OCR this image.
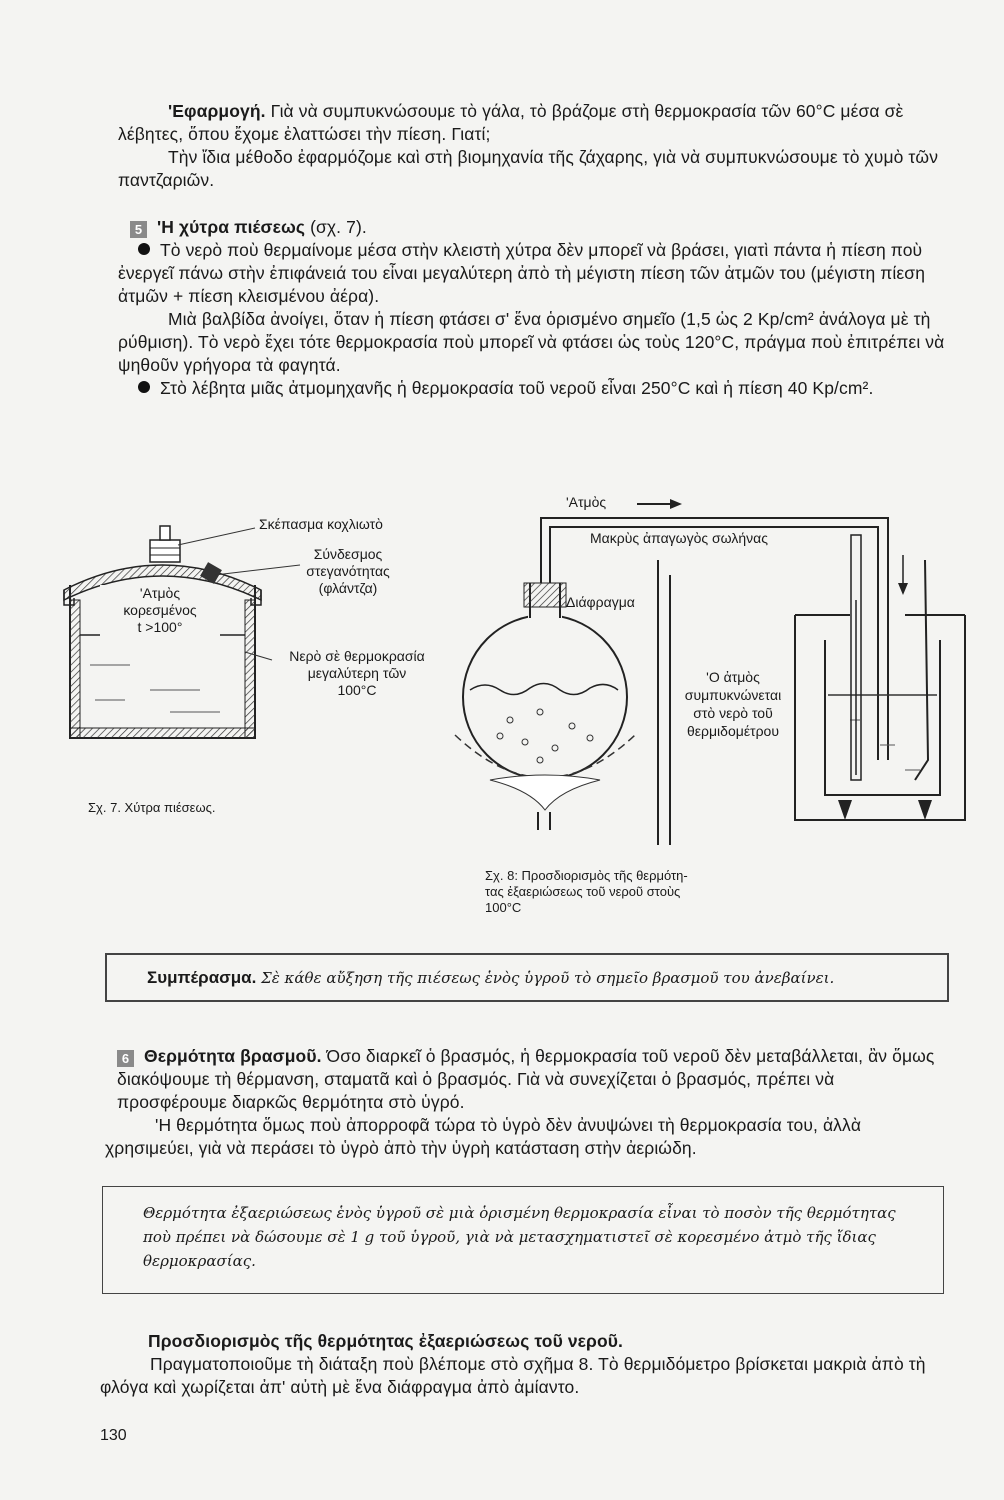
'Εφαρμογή. Γιὰ νὰ συμπυκνώσουμε τὸ γάλα, τὸ βράζομε στὴ θερμοκρασία τῶν 60°C μέσα σὲ λέβητες, ὅπου ἔχομε ἐλαττώσει τὴν πίεση. Γιατί;

Τὴν ἴδια μέθοδο ἐφαρμόζομε καὶ στὴ βιομηχανία τῆς ζάχαρης, γιὰ νὰ συμπυκνώσουμε τὸ χυμὸ τῶν παντζαριῶν.

5 'Η χύτρα πιέσεως (σχ. 7).

Τὸ νερὸ ποὺ θερμαίνομε μέσα στὴν κλειστὴ χύτρα δὲν μπορεῖ νὰ βράσει, γιατὶ πάντα ἡ πίεση ποὺ ἐνεργεῖ πάνω στὴν ἐπιφάνειά του εἶναι μεγαλύτερη ἀπὸ τὴ μέγιστη πίεση τῶν ἀτμῶν του (μέγιστη πίεση ἀτμῶν + πίεση κλεισμένου ἀέρα).

Μιὰ βαλβίδα ἀνοίγει, ὅταν ἡ πίεση φτάσει σ' ἕνα ὁρισμένο σημεῖο (1,5 ὡς 2 Kp/cm² ἀνάλογα μὲ τὴ ρύθμιση). Τὸ νερὸ ἔχει τότε θερμοκρασία ποὺ μπορεῖ νὰ φτάσει ὡς τοὺς 120°C, πράγμα ποὺ ἐπιτρέπει νὰ ψηθοῦν γρήγορα τὰ φαγητά.

Στὸ λέβητα μιᾶς ἀτμομηχανῆς ἡ θερμοκρασία τοῦ νεροῦ εἶναι 250°C καὶ ἡ πίεση 40 Kp/cm².

'Ατμὸς
κορεσμένος
t >100°
Σκέπασμα κοχλιωτὸ
Σύνδεσμος
στεγανότητας
(φλάντζα)
Νερὸ σὲ θερμοκρασία
μεγαλύτερη τῶν
100°C
Σχ. 7. Χύτρα πιέσεως.
'Ατμὸς
Μακρὺς ἀπαγωγὸς σωλήνας
Διάφραγμα
'Ο ἀτμὸς
συμπυκνώνεται
στὸ νερὸ τοῦ
θερμιδομέτρου
Σχ. 8: Προσδιορισμὸς τῆς θερμότη-
τας ἐξαεριώσεως τοῦ νεροῦ στοὺς
100°C
Συμπέρασμα. Σὲ κάθε αὔξηση τῆς πιέσεως ἑνὸς ὑγροῦ τὸ σημεῖο βρασμοῦ του ἀνεβαίνει.

6 Θερμότητα βρασμοῦ. Όσο διαρκεῖ ὁ βρασμός, ἡ θερμοκρασία τοῦ νεροῦ δὲν μεταβάλλεται, ἂν ὅμως διακόψουμε τὴ θέρμανση, σταματᾶ καὶ ὁ βρασμός. Γιὰ νὰ συνεχίζεται ὁ βρασμός, πρέπει νὰ προσφέρουμε διαρκῶς θερμότητα στὸ ὑγρό.

'Η θερμότητα ὅμως ποὺ ἀπορροφᾶ τώρα τὸ ὑγρὸ δὲν ἀνυψώνει τὴ θερμοκρασία του, ἀλλὰ χρησιμεύει, γιὰ νὰ περάσει τὸ ὑγρὸ ἀπὸ τὴν ὑγρὴ κατάσταση στὴν ἀεριώδη.

Θερμότητα ἐξαεριώσεως ἑνὸς ὑγροῦ σὲ μιὰ ὁρισμένη θερμοκρασία εἶναι τὸ ποσὸν τῆς θερμότητας ποὺ πρέπει νὰ δώσουμε σὲ 1 g τοῦ ὑγροῦ, γιὰ νὰ μετασχηματιστεῖ σὲ κορεσμένο ἀτμὸ τῆς ἴδιας θερμοκρασίας.

Προσδιορισμὸς τῆς θερμότητας ἐξαεριώσεως τοῦ νεροῦ.

Πραγματοποιοῦμε τὴ διάταξη ποὺ βλέπομε στὸ σχῆμα 8. Τὸ θερμιδόμετρο βρίσκεται μακριὰ ἀπὸ τὴ φλόγα καὶ χωρίζεται ἀπ' αὐτὴ μὲ ἕνα διάφραγμα ἀπὸ ἀμίαντο.

130
